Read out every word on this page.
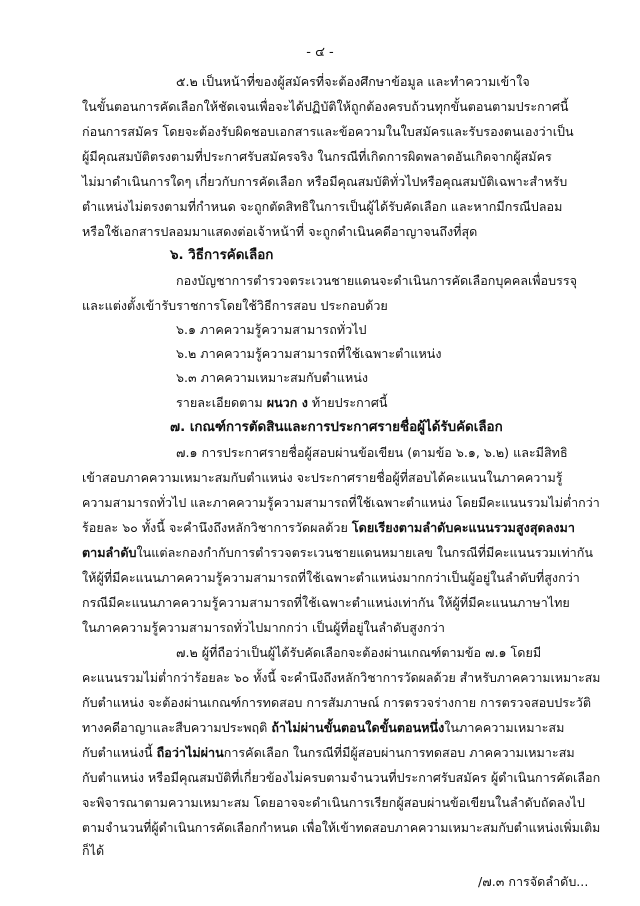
- ๔ -
๕.๒ เป็นหน้าที่ของผู้สมัครที่จะต้องศึกษาข้อมูล และทำความเข้าใจ
ในขั้นตอนการคัดเลือกให้ชัดเจนเพื่อจะได้ปฏิบัติให้ถูกต้องครบถ้วนทุกขั้นตอนตามประกาศนี้
ก่อนการสมัคร โดยจะต้องรับผิดชอบเอกสารและข้อความในใบสมัครและรับรองตนเองว่าเป็น
ผู้มีคุณสมบัติตรงตามที่ประกาศรับสมัครจริง ในกรณีที่เกิดการผิดพลาดอันเกิดจากผู้สมัคร
ไม่มาดำเนินการใดๆ เกี่ยวกับการคัดเลือก หรือมีคุณสมบัติทั่วไปหรือคุณสมบัติเฉพาะสำหรับ
ตำแหน่งไม่ตรงตามที่กำหนด จะถูกตัดสิทธิในการเป็นผู้ได้รับคัดเลือก และหากมีกรณีปลอม
หรือใช้เอกสารปลอมมาแสดงต่อเจ้าหน้าที่ จะถูกดำเนินคดีอาญาจนถึงที่สุด
๖. วิธีการคัดเลือก
กองบัญชาการตำรวจตระเวนชายแดนจะดำเนินการคัดเลือกบุคคลเพื่อบรรจุ
และแต่งตั้งเข้ารับราชการโดยใช้วิธีการสอบ ประกอบด้วย
๖.๑ ภาคความรู้ความสามารถทั่วไป
๖.๒ ภาคความรู้ความสามารถที่ใช้เฉพาะตำแหน่ง
๖.๓ ภาคความเหมาะสมกับตำแหน่ง
รายละเอียดตาม ผนวก ง ท้ายประกาศนี้
๗. เกณฑ์การตัดสินและการประกาศรายชื่อผู้ได้รับคัดเลือก
๗.๑ การประกาศรายชื่อผู้สอบผ่านข้อเขียน (ตามข้อ ๖.๑, ๖.๒) และมีสิทธิ
เข้าสอบภาคความเหมาะสมกับตำแหน่ง จะประกาศรายชื่อผู้ที่สอบได้คะแนนในภาคความรู้
ความสามารถทั่วไป และภาคความรู้ความสามารถที่ใช้เฉพาะตำแหน่ง โดยมีคะแนนรวมไม่ต่ำกว่า
ร้อยละ ๖๐ ทั้งนี้ จะคำนึงถึงหลักวิชาการวัดผลด้วย โดยเรียงตามลำดับคะแนนรวมสูงสุดลงมา
ตามลำดับในแต่ละกองกำกับการตำรวจตระเวนชายแดนหมายเลข ในกรณีที่มีคะแนนรวมเท่ากัน
ให้ผู้ที่มีคะแนนภาคความรู้ความสามารถที่ใช้เฉพาะตำแหน่งมากกว่าเป็นผู้อยู่ในลำดับที่สูงกว่า
กรณีมีคะแนนภาคความรู้ความสามารถที่ใช้เฉพาะตำแหน่งเท่ากัน ให้ผู้ที่มีคะแนนภาษาไทย
ในภาคความรู้ความสามารถทั่วไปมากกว่า เป็นผู้ที่อยู่ในลำดับสูงกว่า
๗.๒ ผู้ที่ถือว่าเป็นผู้ได้รับคัดเลือกจะต้องผ่านเกณฑ์ตามข้อ ๗.๑ โดยมี
คะแนนรวมไม่ต่ำกว่าร้อยละ ๖๐ ทั้งนี้ จะคำนึงถึงหลักวิชาการวัดผลด้วย สำหรับภาคความเหมาะสม
กับตำแหน่ง จะต้องผ่านเกณฑ์การทดสอบ การสัมภาษณ์ การตรวจร่างกาย การตรวจสอบประวัติ
ทางคดีอาญาและสืบความประพฤติ ถ้าไม่ผ่านขั้นตอนใดขั้นตอนหนึ่งในภาคความเหมาะสม
กับตำแหน่งนี้ ถือว่าไม่ผ่านการคัดเลือก ในกรณีที่มีผู้สอบผ่านการทดสอบ ภาคความเหมาะสม
กับตำแหน่ง หรือมีคุณสมบัติที่เกี่ยวข้องไม่ครบตามจำนวนที่ประกาศรับสมัคร ผู้ดำเนินการคัดเลือก
จะพิจารณาตามความเหมาะสม โดยอาจจะดำเนินการเรียกผู้สอบผ่านข้อเขียนในลำดับถัดลงไป
ตามจำนวนที่ผู้ดำเนินการคัดเลือกกำหนด เพื่อให้เข้าทดสอบภาคความเหมาะสมกับตำแหน่งเพิ่มเติม
ก็ได้
/๗.๓ การจัดลำดับ...
